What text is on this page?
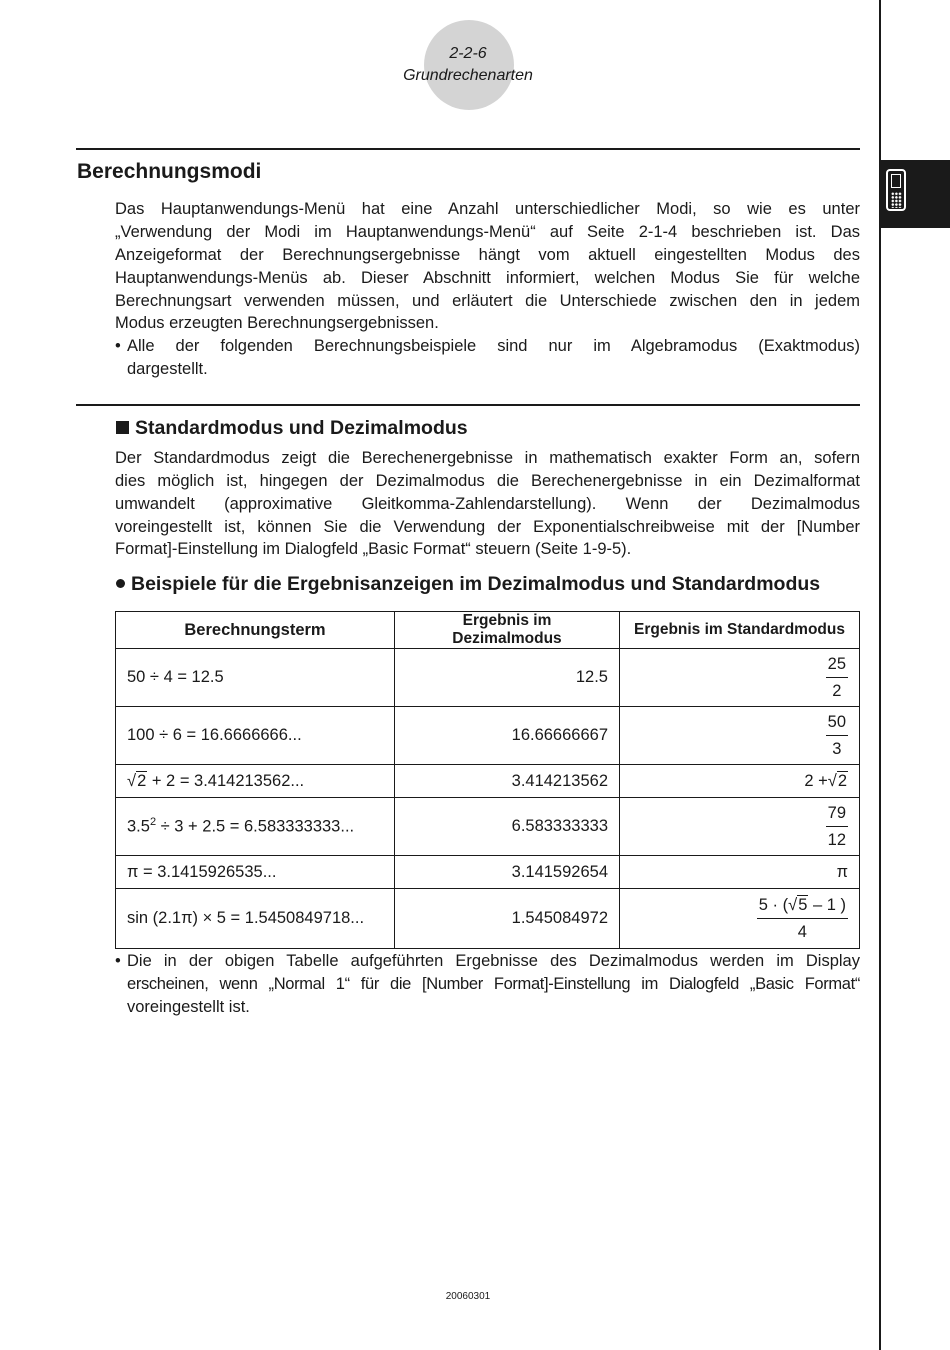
2-2-6
Grundrechenarten
Berechnungsmodi
Das Hauptanwendungs-Menü hat eine Anzahl unterschiedlicher Modi, so wie es unter
„Verwendung der Modi im Hauptanwendungs-Menü“ auf Seite 2-1-4 beschrieben ist. Das
Anzeigeformat der Berechnungsergebnisse hängt vom aktuell eingestellten Modus des
Hauptanwendungs-Menüs ab. Dieser Abschnitt informiert, welchen Modus Sie für welche
Berechnungsart verwenden müssen, und erläutert die Unterschiede zwischen den in jedem
Modus erzeugten Berechnungsergebnissen.
• Alle der folgenden Berechnungsbeispiele sind nur im Algebramodus (Exaktmodus)
dargestellt.
Standardmodus und Dezimalmodus
Der Standardmodus zeigt die Berechenergebnisse in mathematisch exakter Form an, sofern
dies möglich ist, hingegen der Dezimalmodus die Berechenergebnisse in ein Dezimalformat
umwandelt (approximative Gleitkomma-Zahlendarstellung). Wenn der Dezimalmodus
voreingestellt ist, können Sie die Verwendung der Exponentialschreibweise mit der [Number
Format]-Einstellung im Dialogfeld „Basic Format“ steuern (Seite 1-9-5).
Beispiele für die Ergebnisanzeigen im Dezimalmodus und Standardmodus
Berechnungsterm	Ergebnis im Dezimalmodus	Ergebnis im Standardmodus
50 ÷ 4 = 12.5	12.5	$\frac{25}{2}$

100 ÷ 6 = 16.6666666...	16.66666667	$\frac{50}{3}$

√2 + 2 = 3.414213562...	3.414213562	2 +√2
$3.5^2 \div 3 + 2.5 = 6.583333333$...	6.583333333	$\frac{79}{12}$

π = 3.1415926535...	3.141592654	π
sin (2.1π) × 5 = 1.5450849718...	1.545084972	$\frac{5 \cdot (√5 - 1 )}{4}$
• Die in der obigen Tabelle aufgeführten Ergebnisse des Dezimalmodus werden im Display
erscheinen, wenn „Normal 1“ für die [Number Format]-Einstellung im Dialogfeld „Basic Format“
voreingestellt ist.
20060301
